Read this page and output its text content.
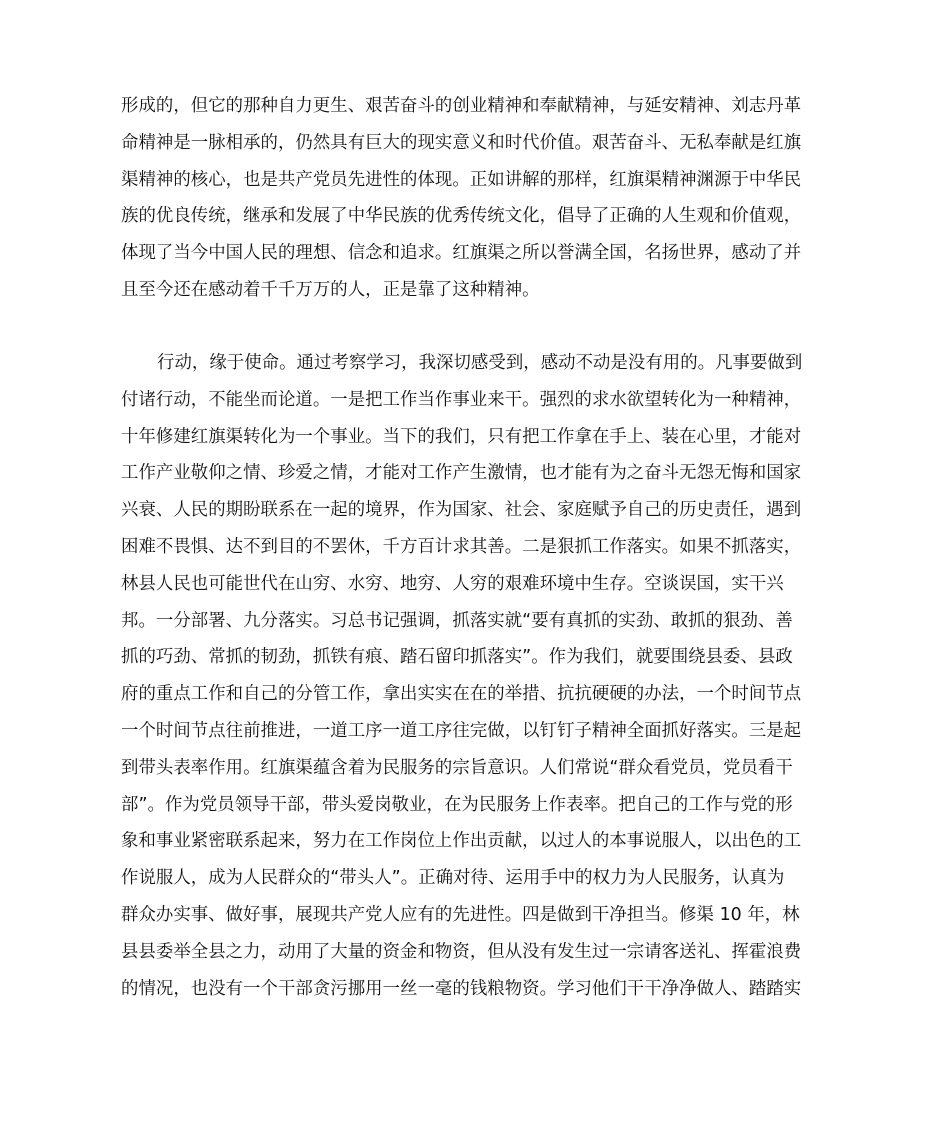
形成的，但它的那种自力更生、艰苦奋斗的创业精神和奉献精神，与延安精神、刘志丹革
命精神是一脉相承的，仍然具有巨大的现实意义和时代价值。艰苦奋斗、无私奉献是红旗
渠精神的核心，也是共产党员先进性的体现。正如讲解的那样，红旗渠精神渊源于中华民
族的优良传统，继承和发展了中华民族的优秀传统文化，倡导了正确的人生观和价值观，
体现了当今中国人民的理想、信念和追求。红旗渠之所以誉满全国，名扬世界，感动了并
且至今还在感动着千千万万的人，正是靠了这种精神。
行动，缘于使命。通过考察学习，我深切感受到，感动不动是没有用的。凡事要做到
付诸行动，不能坐而论道。一是把工作当作事业来干。强烈的求水欲望转化为一种精神，
十年修建红旗渠转化为一个事业。当下的我们，只有把工作拿在手上、装在心里，才能对
工作产业敬仰之情、珍爱之情，才能对工作产生激情，也才能有为之奋斗无怨无悔和国家
兴衰、人民的期盼联系在一起的境界，作为国家、社会、家庭赋予自己的历史责任，遇到
困难不畏惧、达不到目的不罢休，千方百计求其善。二是狠抓工作落实。如果不抓落实，
林县人民也可能世代在山穷、水穷、地穷、人穷的艰难环境中生存。空谈误国，实干兴
邦。一分部署、九分落实。习总书记强调，抓落实就“要有真抓的实劲、敢抓的狠劲、善
抓的巧劲、常抓的韧劲，抓铁有痕、踏石留印抓落实”。作为我们，就要围绕县委、县政
府的重点工作和自己的分管工作，拿出实实在在的举措、抗抗硬硬的办法，一个时间节点
一个时间节点往前推进，一道工序一道工序往完做，以钉钉子精神全面抓好落实。三是起
到带头表率作用。红旗渠蕴含着为民服务的宗旨意识。人们常说“群众看党员，党员看干
部”。作为党员领导干部，带头爱岗敬业，在为民服务上作表率。把自己的工作与党的形
象和事业紧密联系起来，努力在工作岗位上作出贡献，以过人的本事说服人，以出色的工
作说服人，成为人民群众的“带头人”。正确对待、运用手中的权力为人民服务，认真为
群众办实事、做好事，展现共产党人应有的先进性。四是做到干净担当。修渠 10 年，林
县县委举全县之力，动用了大量的资金和物资，但从没有发生过一宗请客送礼、挥霍浪费
的情况，也没有一个干部贪污挪用一丝一毫的钱粮物资。学习他们干干净净做人、踏踏实
